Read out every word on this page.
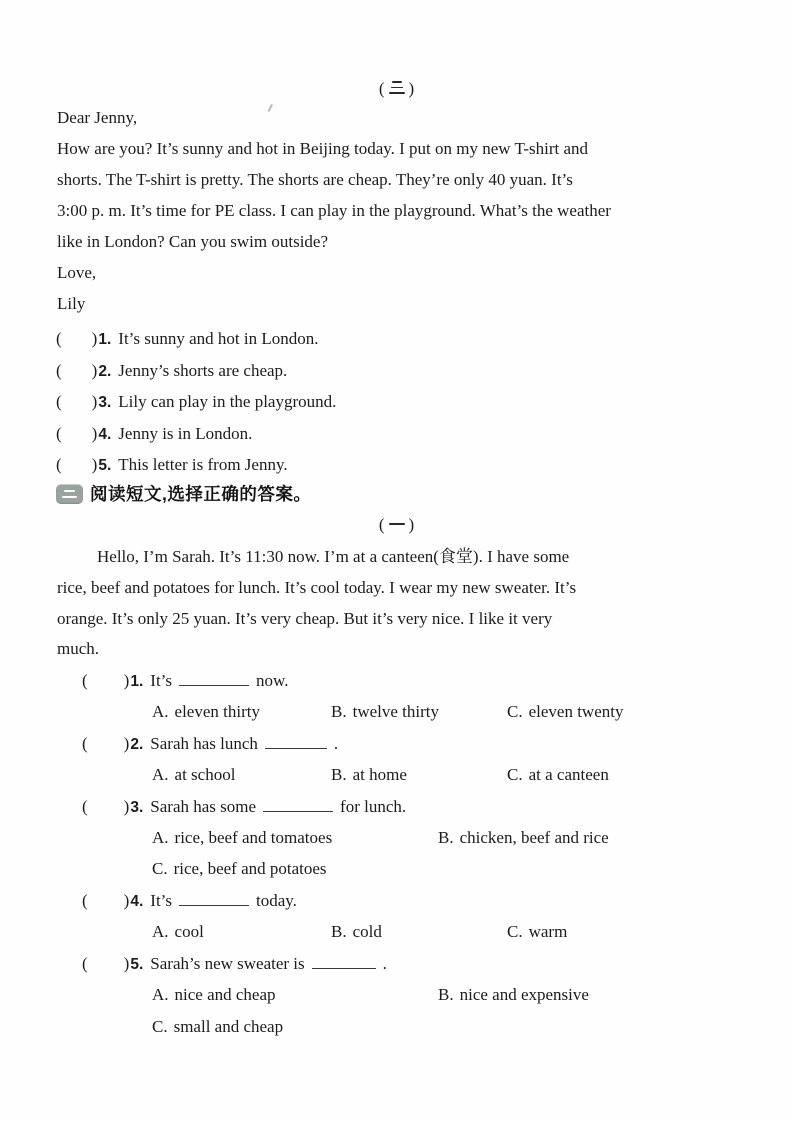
( )
Dear Jenny,
How are you? It’s sunny and hot in Beijing today. I put on my new T-shirt and
shorts. The T-shirt is pretty. The shorts are cheap. They’re only 40 yuan. It’s
3:00 p. m. It’s time for PE class. I can play in the playground. What’s the weather
like in London? Can you swim outside?
Love,
Lily
( )1. It’s sunny and hot in London.
( )2. Jenny’s shorts are cheap.
( )3. Lily can play in the playground.
( )4. Jenny is in London.
( )5. This letter is from Jenny.
阅读短文,选择正确的答案。
( )
Hello, I’m Sarah. It’s 11:30 now. I’m at a canteen(食堂). I have some
rice, beef and potatoes for lunch. It’s cool today. I wear my new sweater. It’s
orange. It’s only 25 yuan. It’s very cheap. But it’s very nice. I like it very
much.
( )1. It’s	now.
A. eleven thirty	B. twelve thirty	C. eleven twenty
( )2. Sarah has lunch	.
A. at school	B. at home	C. at a canteen
( )3. Sarah has some	for lunch.
A. rice, beef and tomatoes	B. chicken, beef and rice
C. rice, beef and potatoes
( )4. It’s	today.
A. cool	B. cold	C. warm
( )5. Sarah’s new sweater is	.
A. nice and cheap	B. nice and expensive
C. small and cheap
